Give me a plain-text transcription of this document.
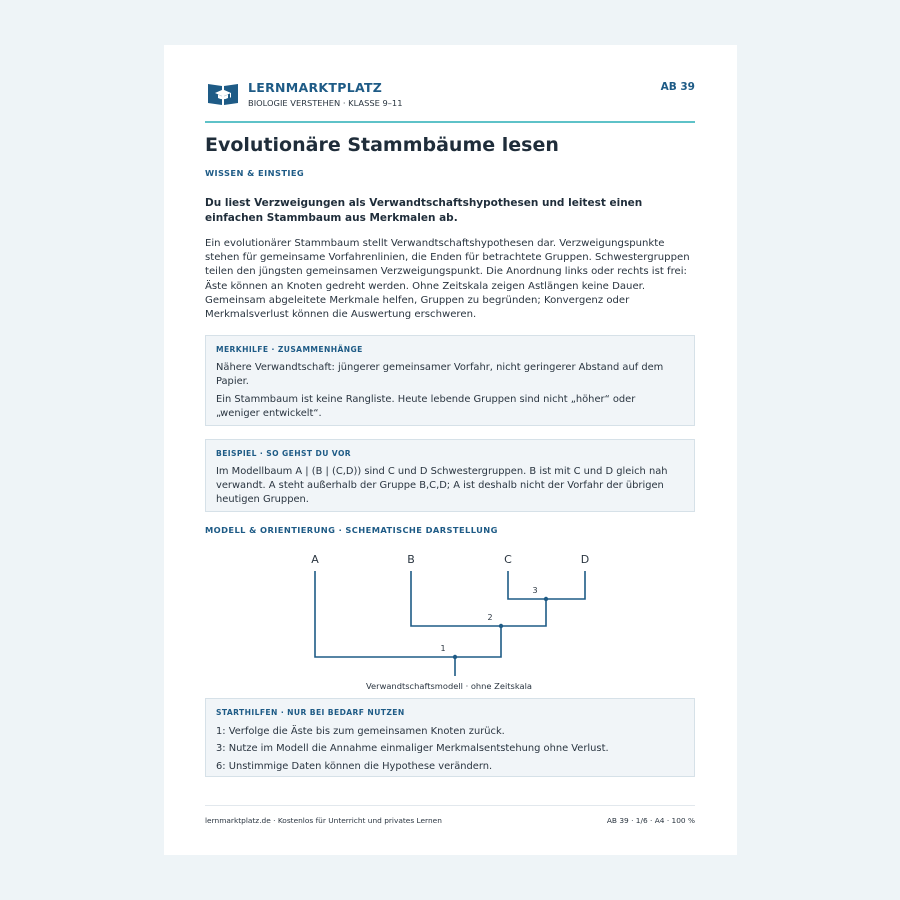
LERNMARKTPLATZ
BIOLOGIE VERSTEHEN · KLASSE 9–11
AB 39
Evolutionäre Stammbäume lesen
WISSEN & EINSTIEG

Du liest Verzweigungen als Verwandtschaftshypothesen und leitest einen einfachen Stammbaum aus Merkmalen ab.

Ein evolutionärer Stammbaum stellt Verwandtschaftshypothesen dar. Verzweigungspunkte stehen für gemeinsame Vorfahrenlinien, die Enden für betrachtete Gruppen. Schwestergruppen teilen den jüngsten gemeinsamen Verzweigungspunkt. Die Anordnung links oder rechts ist frei: Äste können an Knoten gedreht werden. Ohne Zeitskala zeigen Astlängen keine Dauer. Gemeinsam abgeleitete Merkmale helfen, Gruppen zu begründen; Konvergenz oder Merkmalsverlust können die Auswertung erschweren.

MERKHILFE · ZUSAMMENHÄNGE

Nähere Verwandtschaft: jüngerer gemeinsamer Vorfahr, nicht geringerer Abstand auf dem Papier.

Ein Stammbaum ist keine Rangliste. Heute lebende Gruppen sind nicht „höher“ oder „weniger entwickelt“.

BEISPIEL · SO GEHST DU VOR

Im Modellbaum A | (B | (C,D)) sind C und D Schwestergruppen. B ist mit C und D gleich nah verwandt. A steht außerhalb der Gruppe B,C,D; A ist deshalb nicht der Vorfahr der übrigen heutigen Gruppen.

MODELL & ORIENTIERUNG · SCHEMATISCHE DARSTELLUNG
A	B	C	D
3
2
1
Verwandtschaftsmodell · ohne Zeitskala
STARTHILFEN · NUR BEI BEDARF NUTZEN

1: Verfolge die Äste bis zum gemeinsamen Knoten zurück.

3: Nutze im Modell die Annahme einmaliger Merkmalsentstehung ohne Verlust.

6: Unstimmige Daten können die Hypothese verändern.

lernmarktplatz.de · Kostenlos für Unterricht und privates Lernen	AB 39 · 1/6 · A4 · 100 %
